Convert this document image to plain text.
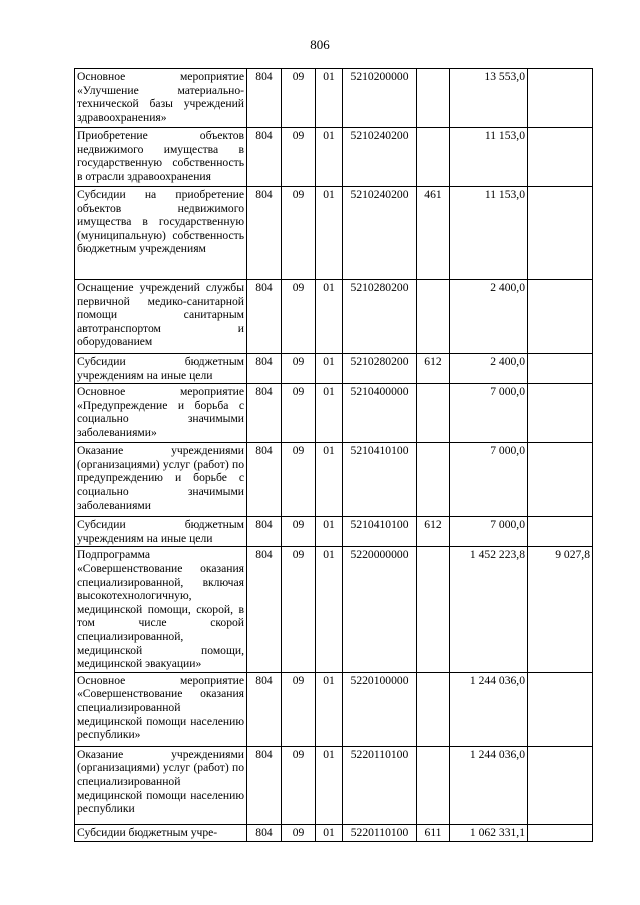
806
Основное мероприятие «Улучшение материально-технической базы учреждений здравоохранения»	804	09	01	5210200000		13 553,0	
Приобретение объектов недвижимого имущества в государственную собственность в отрасли здравоохранения	804	09	01	5210240200		11 153,0	
Субсидии на приобретение объектов недвижимого имущества в государственную (муниципальную) собственность бюджетным учреждениям	804	09	01	5210240200	461	11 153,0	
Оснащение учреждений службы первичной медико-санитарной помощи санитарным автотранспортом и оборудованием	804	09	01	5210280200		2 400,0	
Субсидии бюджетным учреждениям на иные цели	804	09	01	5210280200	612	2 400,0	
Основное мероприятие «Предупреждение и борьба с социально значимыми заболеваниями»	804	09	01	5210400000		7 000,0	
Оказание учреждениями (организациями) услуг (работ) по предупреждению и борьбе с социально значимыми заболеваниями	804	09	01	5210410100		7 000,0	
Субсидии бюджетным учреждениям на иные цели	804	09	01	5210410100	612	7 000,0	
Подпрограмма «Совершенствование оказания специализированной, включая высокотехнологичную, медицинской помощи, скорой, в том числе скорой специализированной, медицинской помощи, медицинской эвакуации»	804	09	01	5220000000		1 452 223,8	9 027,8
Основное мероприятие «Совершенствование оказания специализированной медицинской помощи населению республики»	804	09	01	5220100000		1 244 036,0	
Оказание учреждениями (организациями) услуг (работ) по специализированной медицинской помощи населению республики	804	09	01	5220110100		1 244 036,0	
Субсидии бюджетным учре-	804	09	01	5220110100	611	1 062 331,1	
